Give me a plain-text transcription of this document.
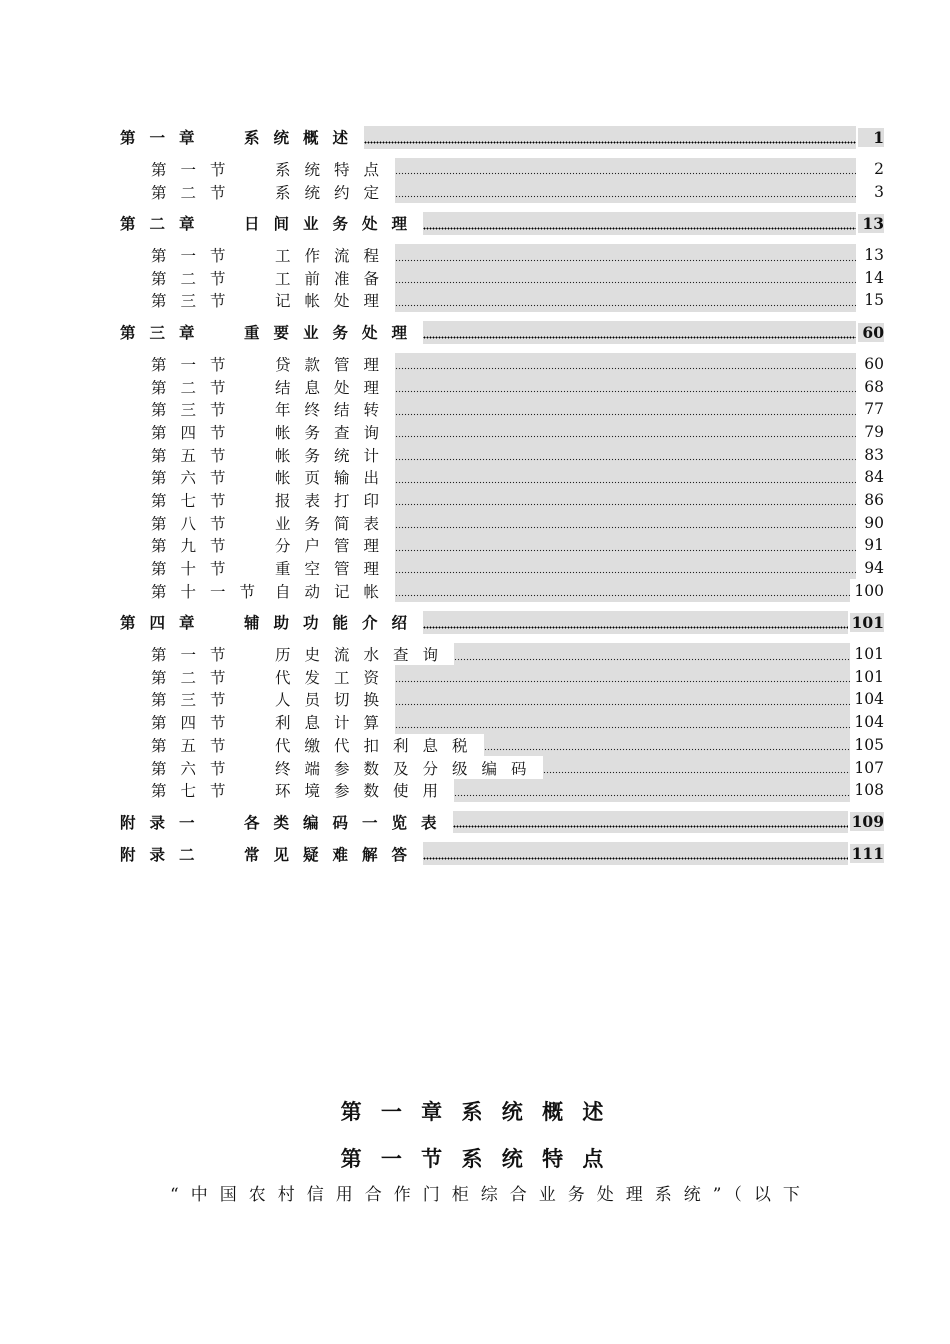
第一章	系统概述	1
第一节	系统特点	2
第二节	系统约定	3
第二章	日间业务处理	13
第一节	工作流程	13
第二节	工前准备	14
第三节	记帐处理	15
第三章	重要业务处理	60
第一节	贷款管理	60
第二节	结息处理	68
第三节	年终结转	77
第四节	帐务查询	79
第五节	帐务统计	83
第六节	帐页输出	84
第七节	报表打印	86
第八节	业务简表	90
第九节	分户管理	91
第十节	重空管理	94
第十一节 自动记帐	100
第四章	辅助功能介绍	101
第一节	历史流水查询	101
第二节	代发工资	101
第三节	人员切换	104
第四节	利息计算	104
第五节	代缴代扣利息税	105
第六节	终端参数及分级编码	107
第七节	环境参数使用	108
附录一	各类编码一览表	109
附录二	常见疑难解答	111
第 一 章 系 统 概 述
第 一 节 系 统 特 点
“中国农村信用合作门柜综合业务处理系统”（以下
